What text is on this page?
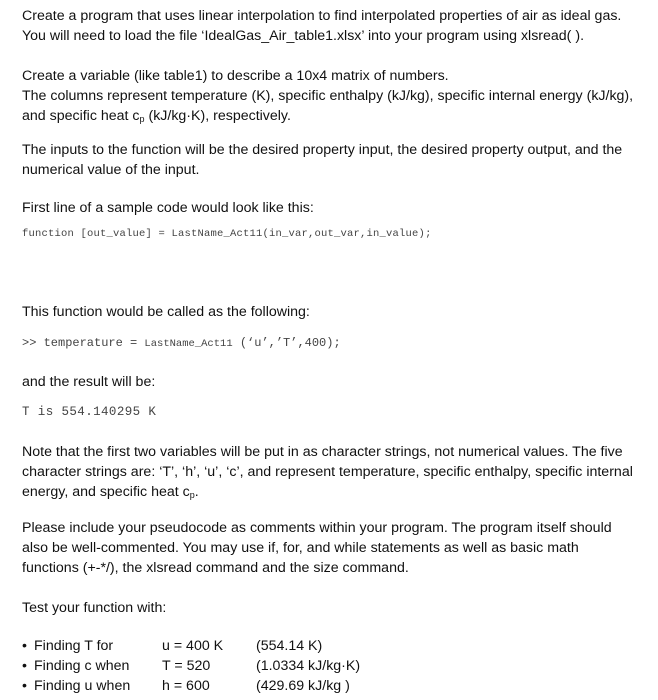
Create a program that uses linear interpolation to find interpolated properties of air as ideal gas. You will need to load the file ‘IdealGas_Air_table1.xlsx’ into your program using xlsread( ).

Create a variable (like table1) to describe a 10x4 matrix of numbers.

The columns represent temperature (K), specific enthalpy (kJ/kg), specific internal energy (kJ/kg), and specific heat $c_p$ (kJ/kg·K), respectively.

The inputs to the function will be the desired property input, the desired property output, and the numerical value of the input.

First line of a sample code would look like this:

function [out_value] = LastName_Act11(in_var,out_var,in_value);

This function would be called as the following:

>> temperature = LastName_Act11 (‘u’,’T’,400);

and the result will be:

T is 554.140295 K

Note that the first two variables will be put in as character strings, not numerical values. The five character strings are: ‘T’, ‘h’, ‘u’, ‘c’, and represent temperature, specific enthalpy, specific internal energy, and specific heat $c_p$.

Please include your pseudocode as comments within your program. The program itself should also be well-commented. You may use if, for, and while statements as well as basic math functions (+-*/), the xlsread command and the size command.

Test your function with:

• Finding T for	u = 400 K (554.14 K)
• Finding c when T = 520	(1.0334 kJ/kg·K)
• Finding u when h = 600	(429.69 kJ/kg )
